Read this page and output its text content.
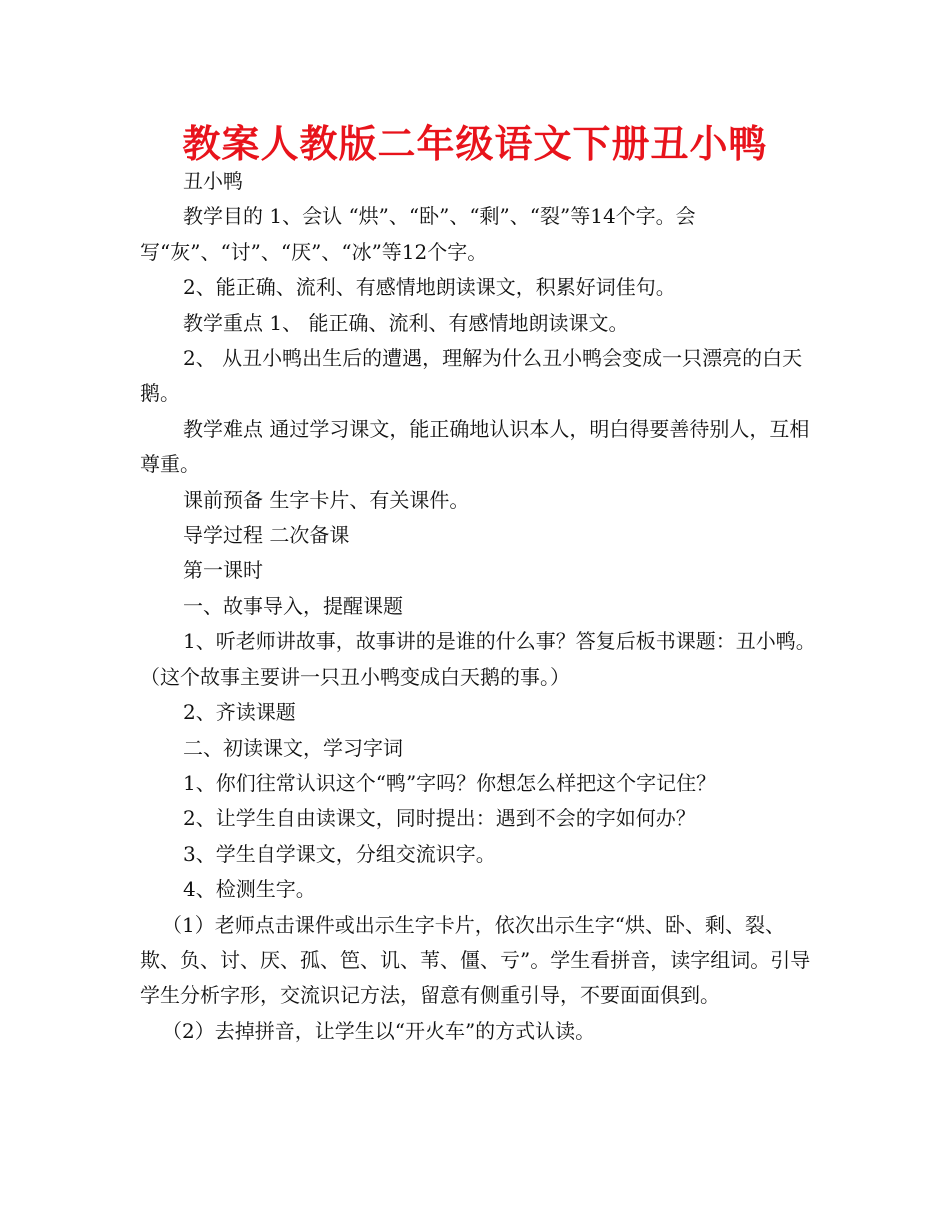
教案人教版二年级语文下册丑小鸭

丑小鸭

教学目的 1、会认 “烘”、“卧”、“剩”、“裂”等14个字。会写“灰”、“讨”、“厌”、“冰”等12个字。

2、能正确、流利、有感情地朗读课文，积累好词佳句。

教学重点 1、 能正确、流利、有感情地朗读课文。

2、 从丑小鸭出生后的遭遇，理解为什么丑小鸭会变成一只漂亮的白天鹅。

教学难点 通过学习课文，能正确地认识本人，明白得要善待别人，互相尊重。

课前预备 生字卡片、有关课件。

导学过程 二次备课

第一课时

一、故事导入，提醒课题

1、听老师讲故事，故事讲的是谁的什么事？答复后板书课题：丑小鸭。（这个故事主要讲一只丑小鸭变成白天鹅的事。）

2、齐读课题

二、初读课文，学习字词

1、你们往常认识这个“鸭”字吗？你想怎么样把这个字记住？

2、让学生自由读课文，同时提出：遇到不会的字如何办？

3、学生自学课文，分组交流识字。

4、检测生字。

（1）老师点击课件或出示生字卡片，依次出示生字“烘、卧、剩、裂、欺、负、讨、厌、孤、笆、讥、苇、僵、亏”。学生看拼音，读字组词。引导学生分析字形，交流识记方法，留意有侧重引导，不要面面俱到。

（2）去掉拼音，让学生以“开火车”的方式认读。
